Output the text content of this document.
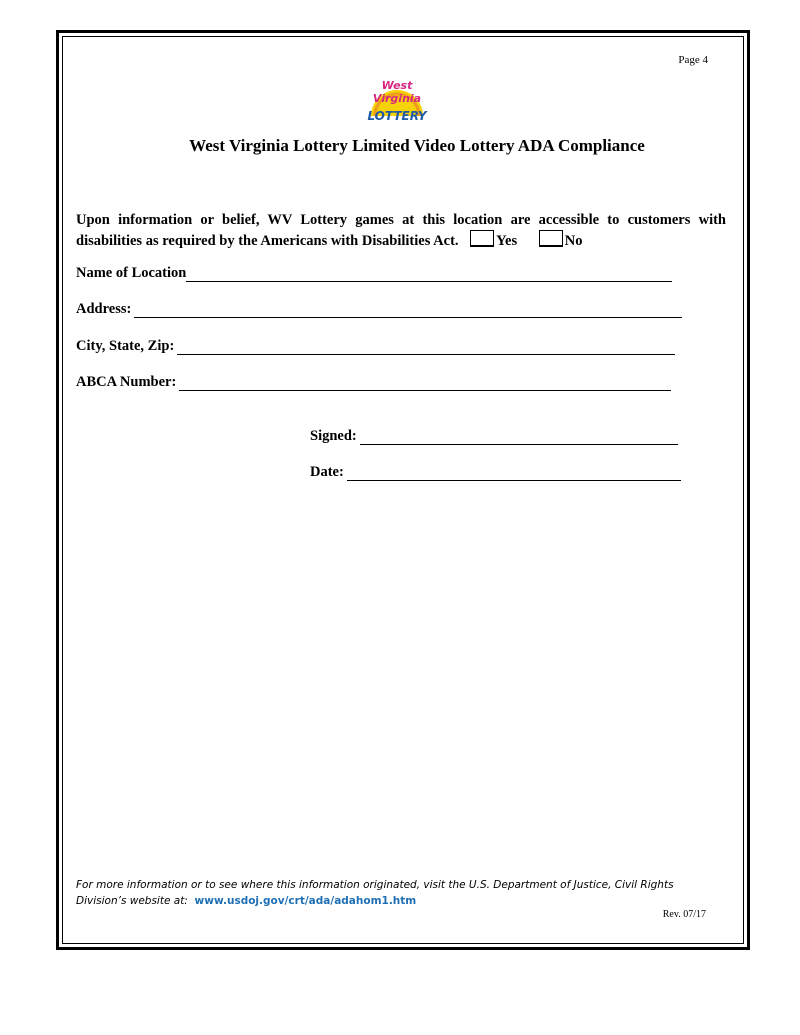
Page 4
West
Virginia
LOTTERY
West Virginia Lottery Limited Video Lottery ADA Compliance
Upon information or belief, WV Lottery games at this location are accessible to customers with
disabilities as required by the Americans with Disabilities Act.	Yes	No
Name of Location
Address:
City, State, Zip:
ABCA Number:
Signed:
Date:
For more information or to see where this information originated, visit the U.S. Department of Justice, Civil Rights
Division’s website at: www.usdoj.gov/crt/ada/adahom1.htm
Rev. 07/17
